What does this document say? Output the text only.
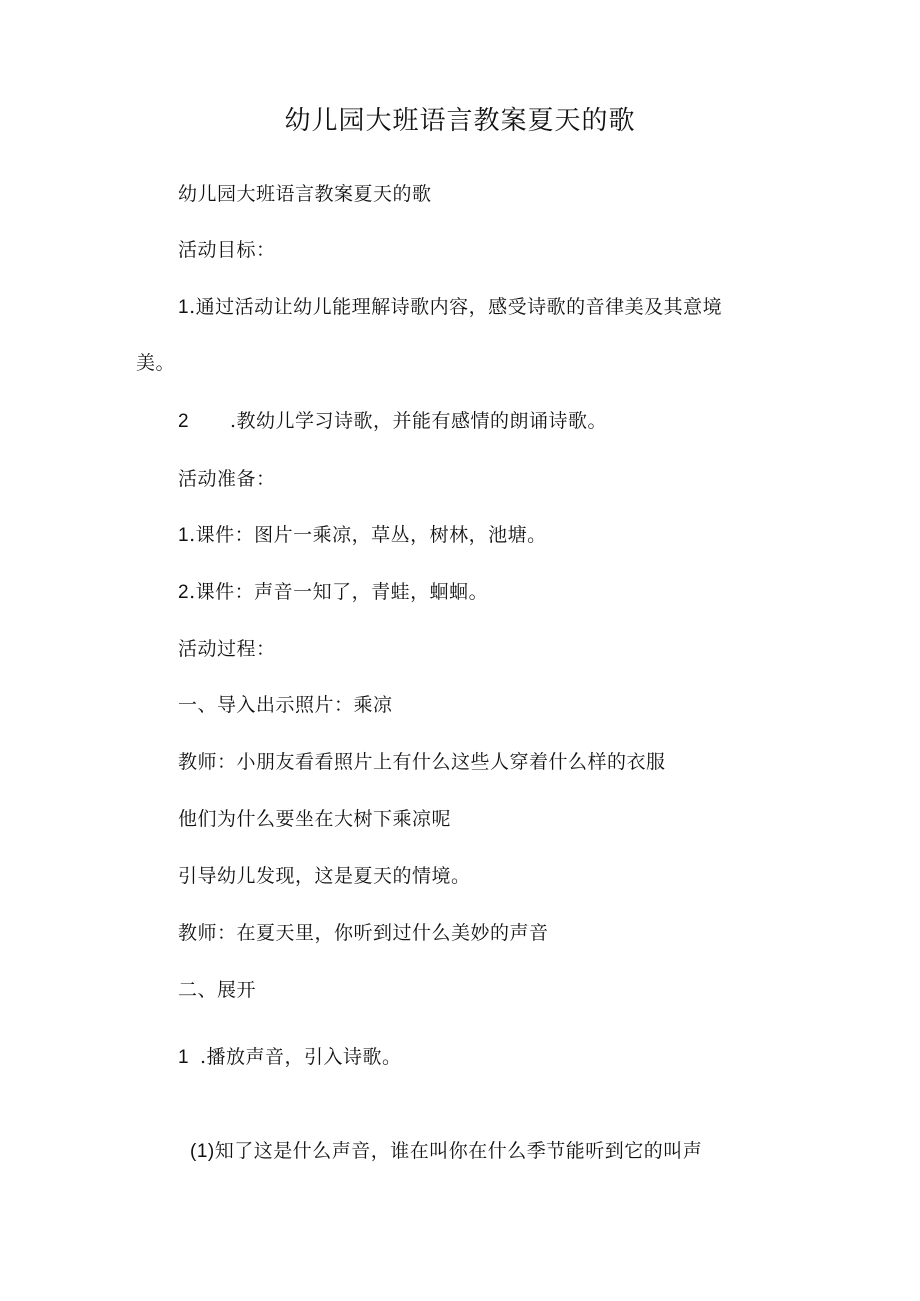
幼儿园大班语言教案夏天的歌
幼儿园大班语言教案夏天的歌
活动目标：
1.通过活动让幼儿能理解诗歌内容，感受诗歌的音律美及其意境
美。
2 .教幼儿学习诗歌，并能有感情的朗诵诗歌。
活动准备：
1.课件：图片一乘凉，草丛，树林，池塘。
2.课件：声音一知了，青蛙，蛔蛔。
活动过程：
一、导入出示照片：乘凉
教师：小朋友看看照片上有什么这些人穿着什么样的衣服
他们为什么要坐在大树下乘凉呢
引导幼儿发现，这是夏天的情境。
教师：在夏天里，你听到过什么美妙的声音
二、展开
1 .播放声音，引入诗歌。
(1)知了这是什么声音，谁在叫你在什么季节能听到它的叫声
